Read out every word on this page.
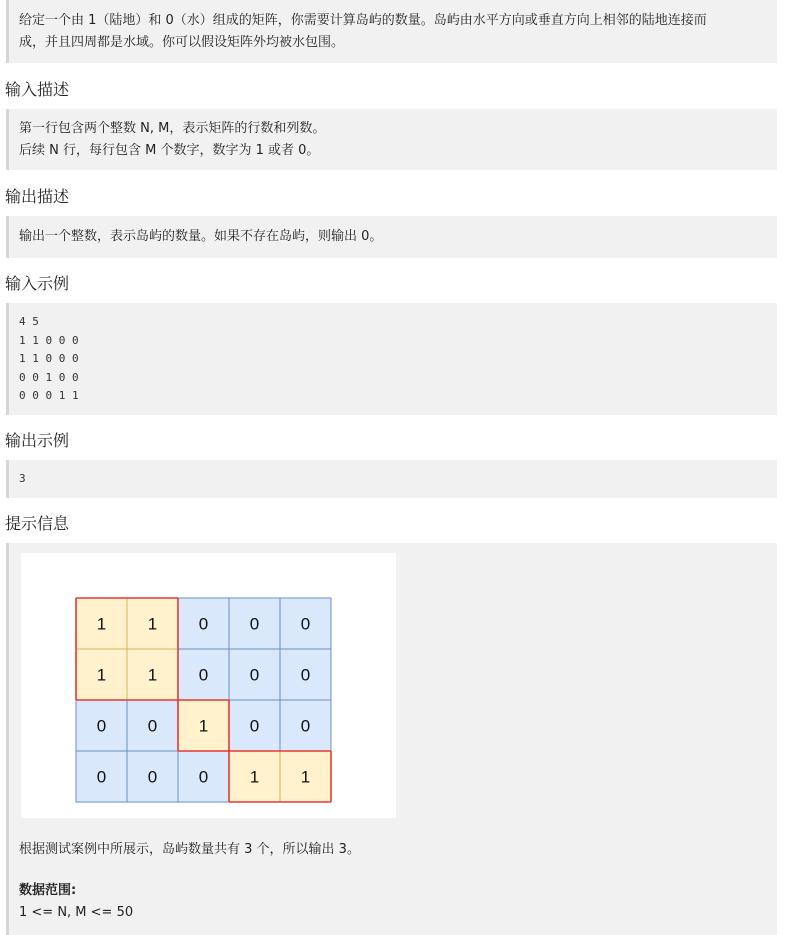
给定一个由 1（陆地）和 0（水）组成的矩阵，你需要计算岛屿的数量。岛屿由水平方向或垂直方向上相邻的陆地连接而

成，并且四周都是水域。你可以假设矩阵外均被水包围。

输入描述

第一行包含两个整数 N, M，表示矩阵的行数和列数。

后续 N 行，每行包含 M 个数字，数字为 1 或者 0。

输出描述

输出一个整数，表示岛屿的数量。如果不存在岛屿，则输出 0。

输入示例
4 5
1 1 0 0 0
1 1 0 0 0
0 0 1 0 0
0 0 0 1 1
输出示例
3
提示信息
1 1 0 0 0
1 1 0 0 0
0 0 1 0 0
0 0 0 1 1

根据测试案例中所展示，岛屿数量共有 3 个，所以输出 3。

数据范围:

1 <= N, M <= 50
